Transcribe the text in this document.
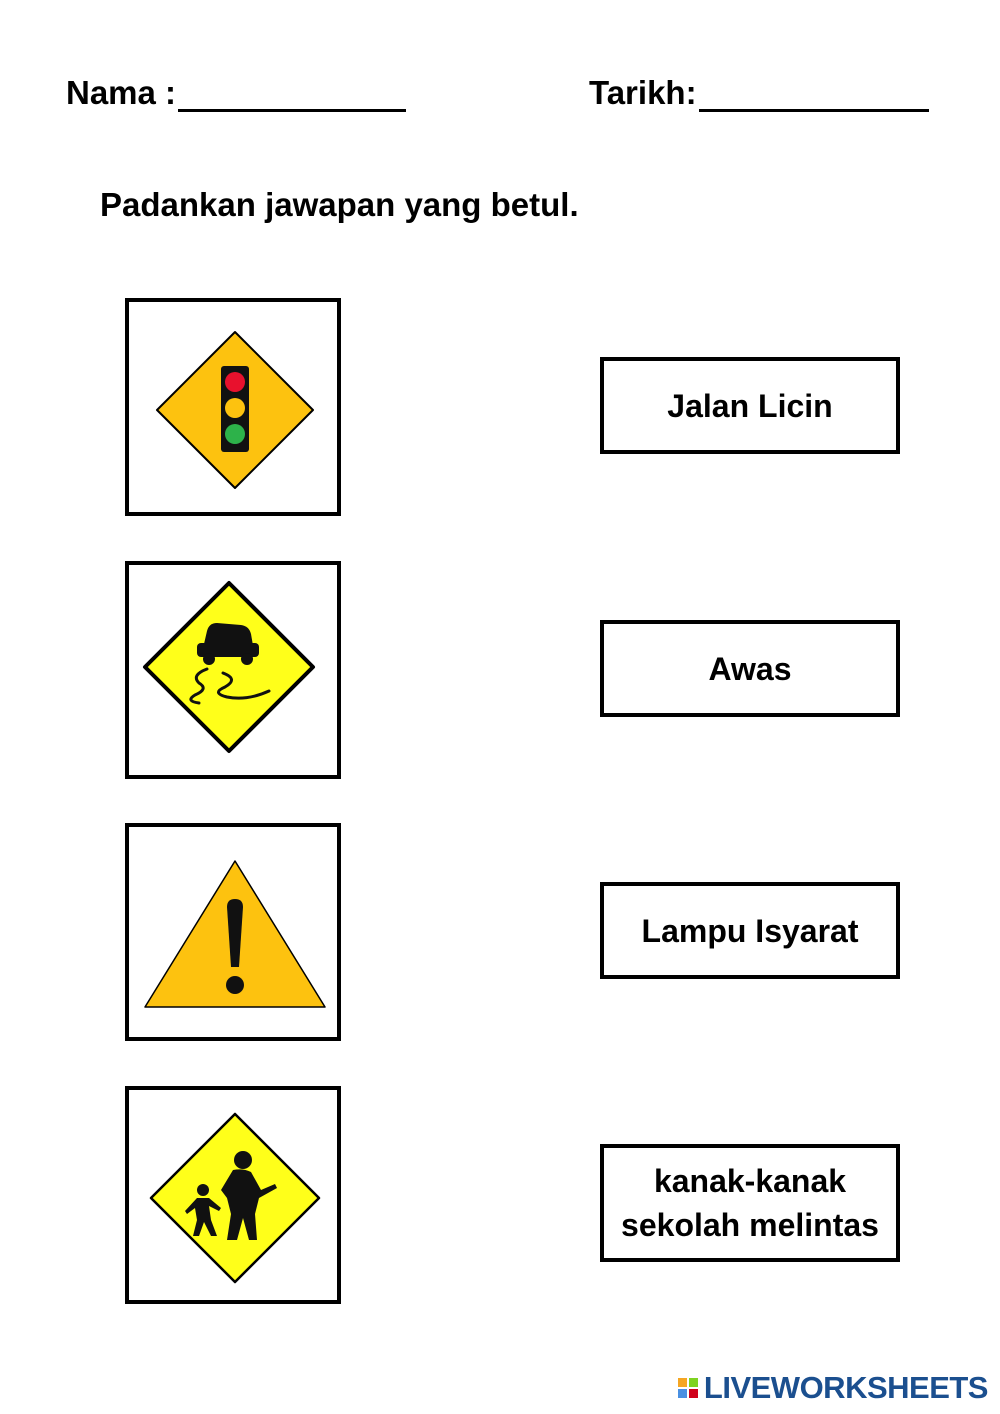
Nama :	Tarikh:
Padankan jawapan yang betul.
Jalan Licin
Awas
Lampu Isyarat
kanak-kanak sekolah melintas
LIVEWORKSHEETS
